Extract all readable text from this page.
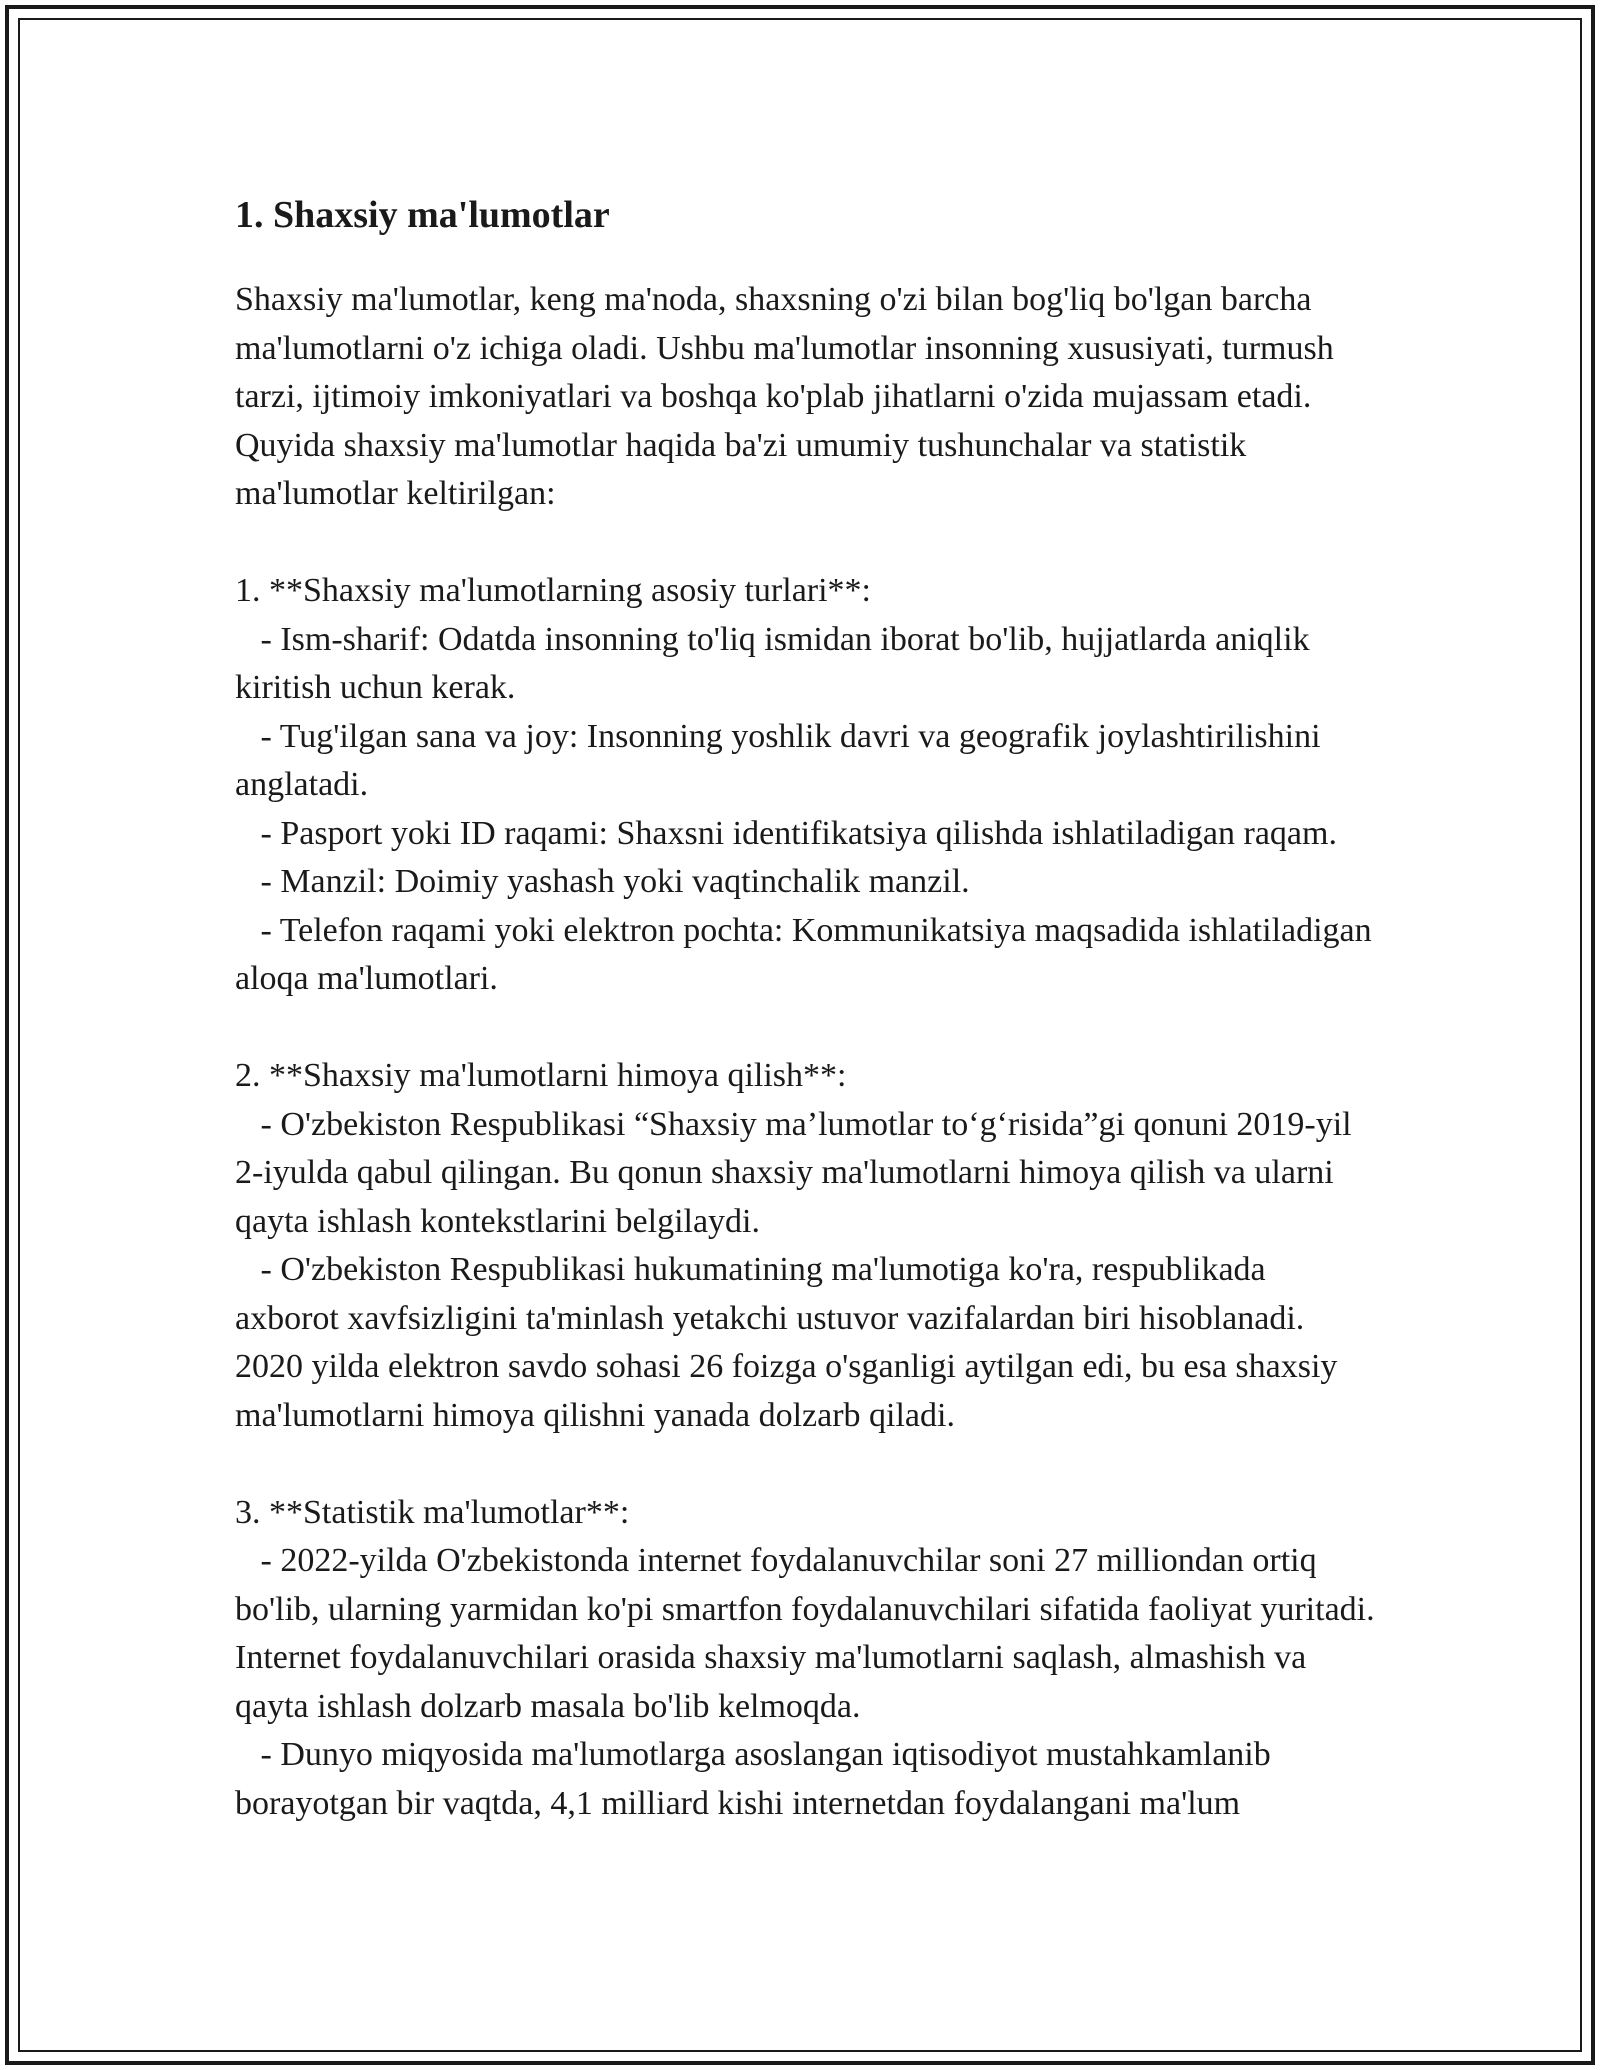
1. Shaxsiy ma'lumotlar

Shaxsiy ma'lumotlar, keng ma'noda, shaxsning o'zi bilan bog'liq bo'lgan barcha ma'lumotlarni o'z ichiga oladi. Ushbu ma'lumotlar insonning xususiyati, turmush tarzi, ijtimoiy imkoniyatlari va boshqa ko'plab jihatlarni o'zida mujassam etadi. Quyida shaxsiy ma'lumotlar haqida ba'zi umumiy tushunchalar va statistik ma'lumotlar keltirilgan:

1. **Shaxsiy ma'lumotlarning asosiy turlari**:

- Ism-sharif: Odatda insonning to'liq ismidan iborat bo'lib, hujjatlarda aniqlik kiritish uchun kerak.

- Tug'ilgan sana va joy: Insonning yoshlik davri va geografik joylashtirilishini anglatadi.

- Pasport yoki ID raqami: Shaxsni identifikatsiya qilishda ishlatiladigan raqam.

- Manzil: Doimiy yashash yoki vaqtinchalik manzil.

- Telefon raqami yoki elektron pochta: Kommunikatsiya maqsadida ishlatiladigan aloqa ma'lumotlari.

2. **Shaxsiy ma'lumotlarni himoya qilish**:

- O'zbekiston Respublikasi “Shaxsiy ma’lumotlar to‘g‘risida”gi qonuni 2019-yil 2-iyulda qabul qilingan. Bu qonun shaxsiy ma'lumotlarni himoya qilish va ularni qayta ishlash kontekstlarini belgilaydi.

- O'zbekiston Respublikasi hukumatining ma'lumotiga ko'ra, respublikada axborot xavfsizligini ta'minlash yetakchi ustuvor vazifalardan biri hisoblanadi. 2020 yilda elektron savdo sohasi 26 foizga o'sganligi aytilgan edi, bu esa shaxsiy ma'lumotlarni himoya qilishni yanada dolzarb qiladi.

3. **Statistik ma'lumotlar**:

- 2022-yilda O'zbekistonda internet foydalanuvchilar soni 27 milliondan ortiq bo'lib, ularning yarmidan ko'pi smartfon foydalanuvchilari sifatida faoliyat yuritadi. Internet foydalanuvchilari orasida shaxsiy ma'lumotlarni saqlash, almashish va qayta ishlash dolzarb masala bo'lib kelmoqda.

- Dunyo miqyosida ma'lumotlarga asoslangan iqtisodiyot mustahkamlanib borayotgan bir vaqtda, 4,1 milliard kishi internetdan foydalangani ma'lum
